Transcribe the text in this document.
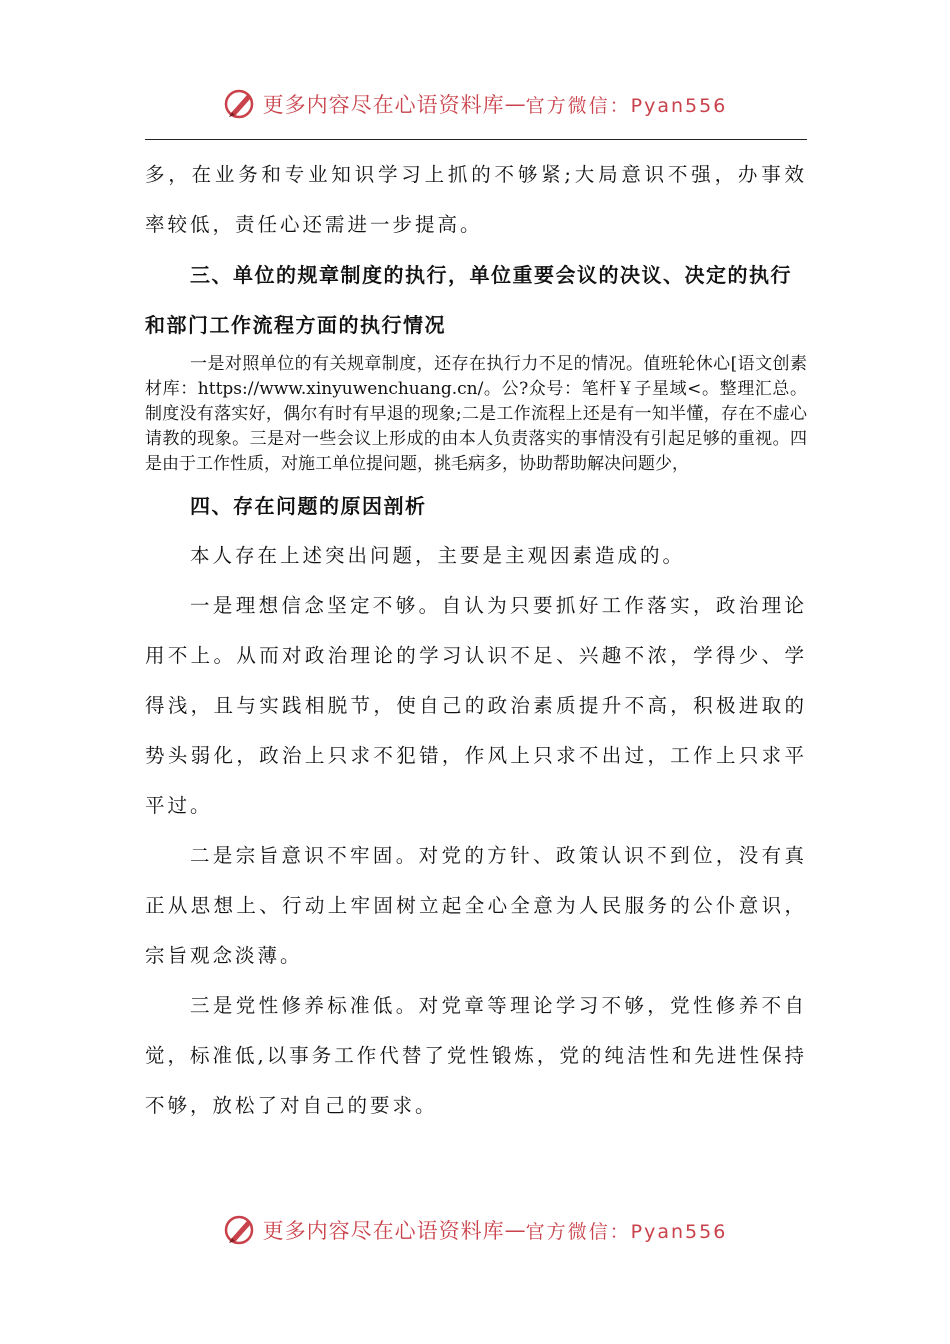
更多内容尽在心语资料库 — 官方微信：Pyan556

多，在业务和专业知识学习上抓的不够紧;大局意识不强，办事效率较低，责任心还需进一步提高。

三、单位的规章制度的执行，单位重要会议的决议、决定的执行和部门工作流程方面的执行情况

一是对照单位的有关规章制度，还存在执行力不足的情况。值班轮休心[语文创素材库：https://www.xinyuwenchuang.cn/。公?众号：笔杆￥子星域<。整理汇总。制度没有落实好，偶尔有时有早退的现象;二是工作流程上还是有一知半懂，存在不虚心请教的现象。三是对一些会议上形成的由本人负责落实的事情没有引起足够的重视。四是由于工作性质，对施工单位提问题，挑毛病多，协助帮助解决问题少，

四、存在问题的原因剖析

本人存在上述突出问题，主要是主观因素造成的。

一是理想信念坚定不够。自认为只要抓好工作落实，政治理论用不上。从而对政治理论的学习认识不足、兴趣不浓，学得少、学得浅，且与实践相脱节，使自己的政治素质提升不高，积极进取的势头弱化，政治上只求不犯错，作风上只求不出过，工作上只求平平过。

二是宗旨意识不牢固。对党的方针、政策认识不到位，没有真正从思想上、行动上牢固树立起全心全意为人民服务的公仆意识，宗旨观念淡薄。

三是党性修养标准低。对党章等理论学习不够，党性修养不自觉，标准低,以事务工作代替了党性锻炼，党的纯洁性和先进性保持不够，放松了对自己的要求。

更多内容尽在心语资料库 — 官方微信：Pyan556
